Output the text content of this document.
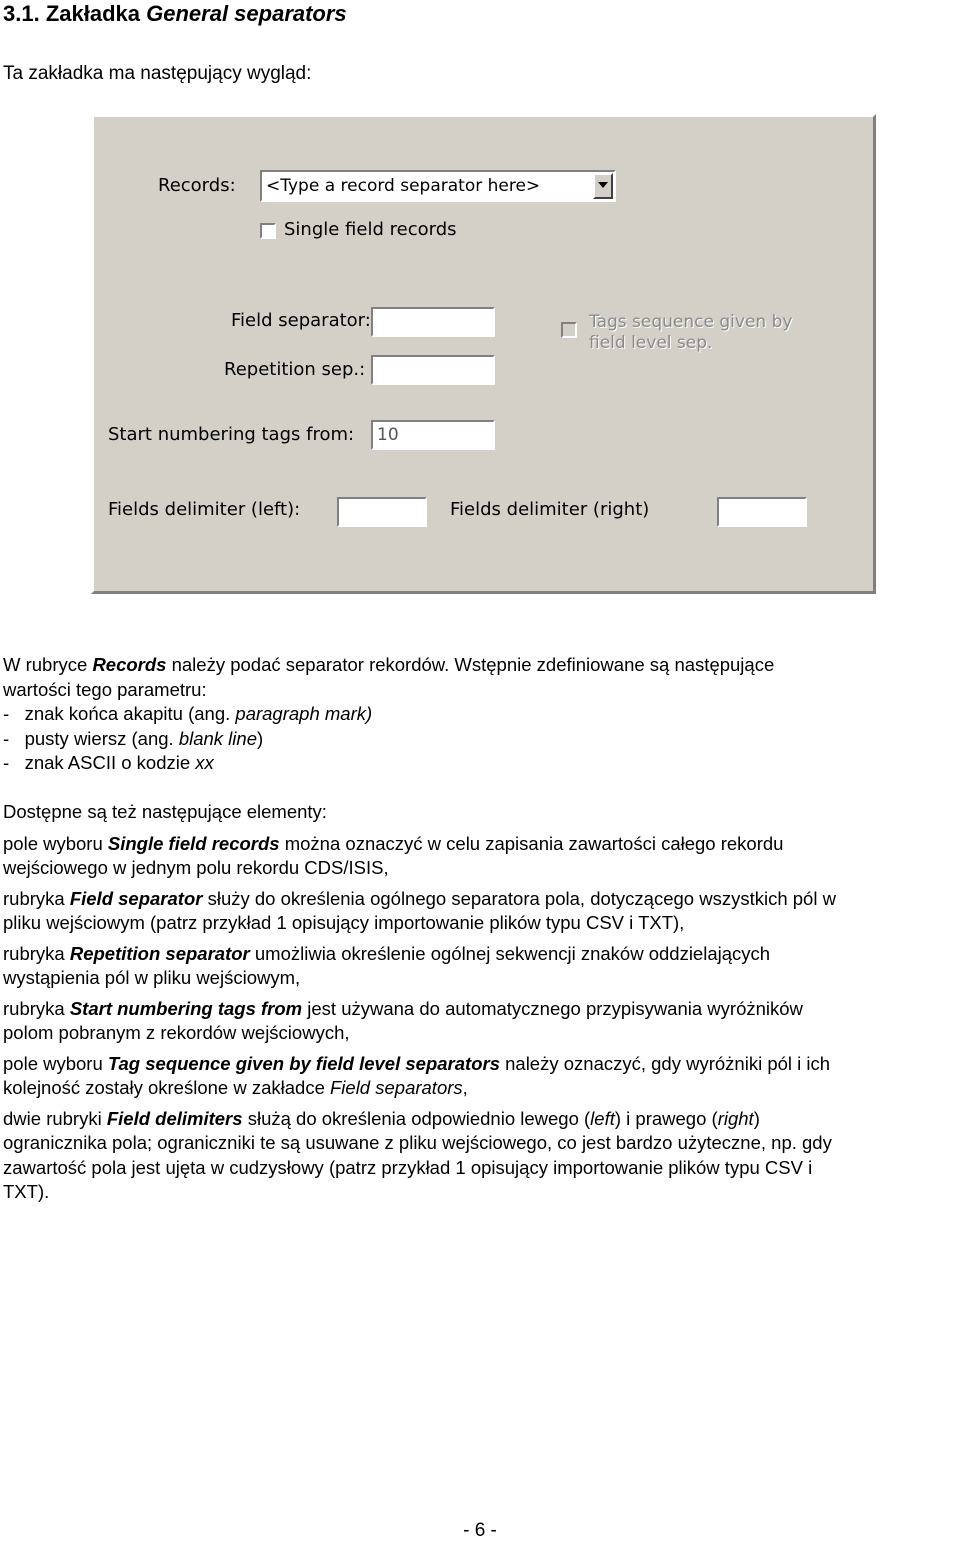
3.1. Zakładka General separators
Ta zakładka ma następujący wygląd:
Records:	<Type a record separator here>
Single field records
Field separator:
Repetition sep.:
Tags sequence given by
field level sep.
Start numbering tags from:	10
Fields delimiter (left):	Fields delimiter (right)
W rubryce Records należy podać separator rekordów. Wstępnie zdefiniowane są następujące
wartości tego parametru:
-   znak końca akapitu (ang. paragraph mark)
-   pusty wiersz (ang. blank line)
-   znak ASCII o kodzie xx
Dostępne są też następujące elementy:
pole wyboru Single field records można oznaczyć w celu zapisania zawartości całego rekordu
wejściowego w jednym polu rekordu CDS/ISIS,
rubryka Field separator służy do określenia ogólnego separatora pola, dotyczącego wszystkich pól w
pliku wejściowym (patrz przykład 1 opisujący importowanie plików typu CSV i TXT),
rubryka Repetition separator umożliwia określenie ogólnej sekwencji znaków oddzielających
wystąpienia pól w pliku wejściowym,
rubryka Start numbering tags from jest używana do automatycznego przypisywania wyróżników
polom pobranym z rekordów wejściowych,
pole wyboru Tag sequence given by field level separators należy oznaczyć, gdy wyróżniki pól i ich
kolejność zostały określone w zakładce Field separators,
dwie rubryki Field delimiters służą do określenia odpowiednio lewego (left) i prawego (right)
ogranicznika pola; ograniczniki te są usuwane z pliku wejściowego, co jest bardzo użyteczne, np. gdy
zawartość pola jest ujęta w cudzysłowy (patrz przykład 1 opisujący importowanie plików typu CSV i
TXT).
- 6 -
